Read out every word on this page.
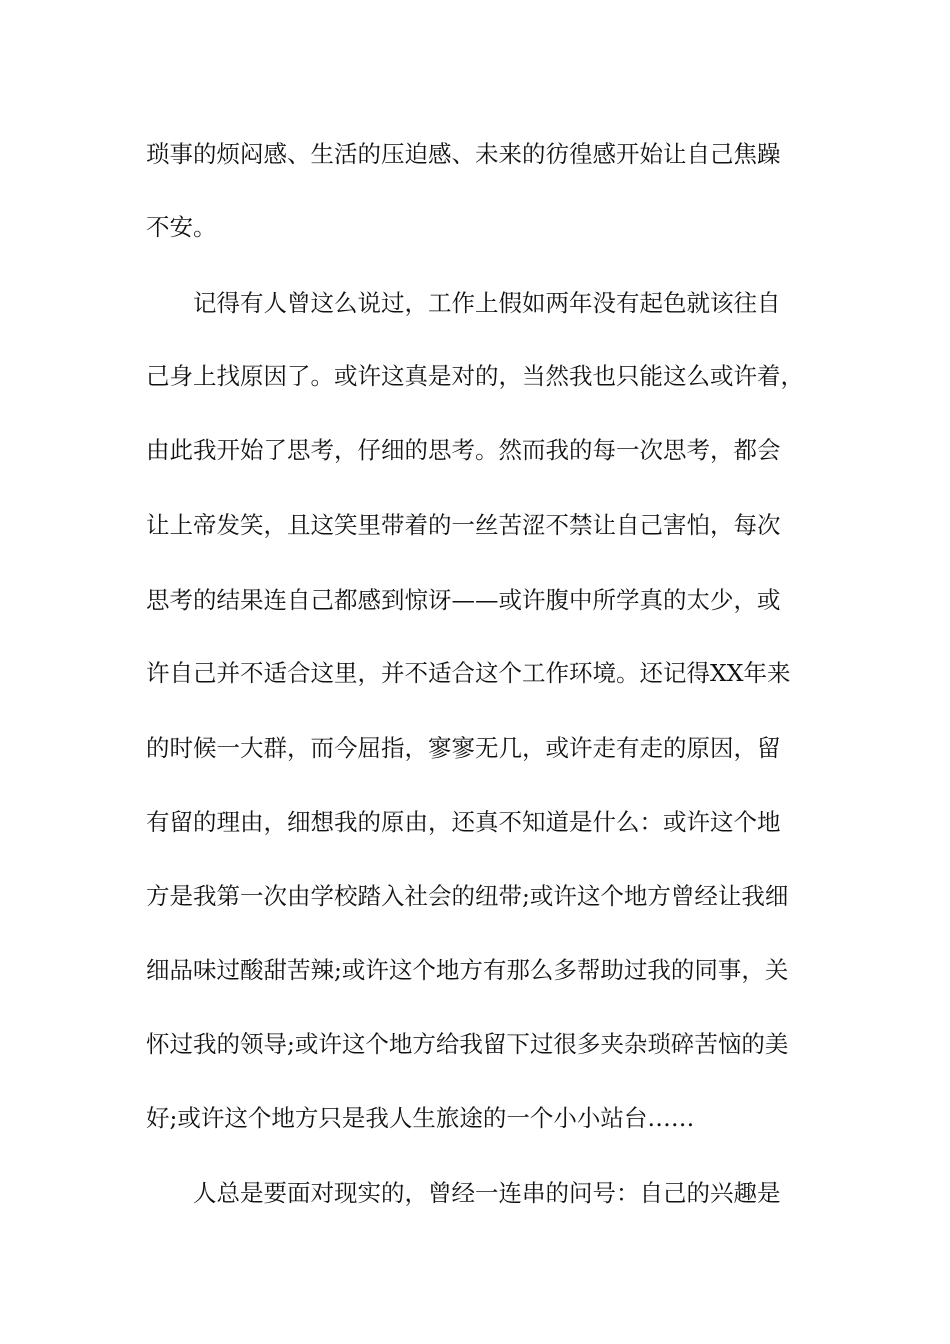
琐事的烦闷感、生活的压迫感、未来的彷徨感开始让自己焦躁
不安。
记得有人曾这么说过，工作上假如两年没有起色就该往自
己身上找原因了。或许这真是对的，当然我也只能这么或许着，
由此我开始了思考，仔细的思考。然而我的每一次思考，都会
让上帝发笑，且这笑里带着的一丝苦涩不禁让自己害怕，每次
思考的结果连自己都感到惊讶——或许腹中所学真的太少，或
许自己并不适合这里，并不适合这个工作环境。还记得XX年来
的时候一大群，而今屈指，寥寥无几，或许走有走的原因，留
有留的理由，细想我的原由，还真不知道是什么：或许这个地
方是我第一次由学校踏入社会的纽带;或许这个地方曾经让我细
细品味过酸甜苦辣;或许这个地方有那么多帮助过我的同事，关
怀过我的领导;或许这个地方给我留下过很多夹杂琐碎苦恼的美
好;或许这个地方只是我人生旅途的一个小小站台……
人总是要面对现实的，曾经一连串的问号：自己的兴趣是
